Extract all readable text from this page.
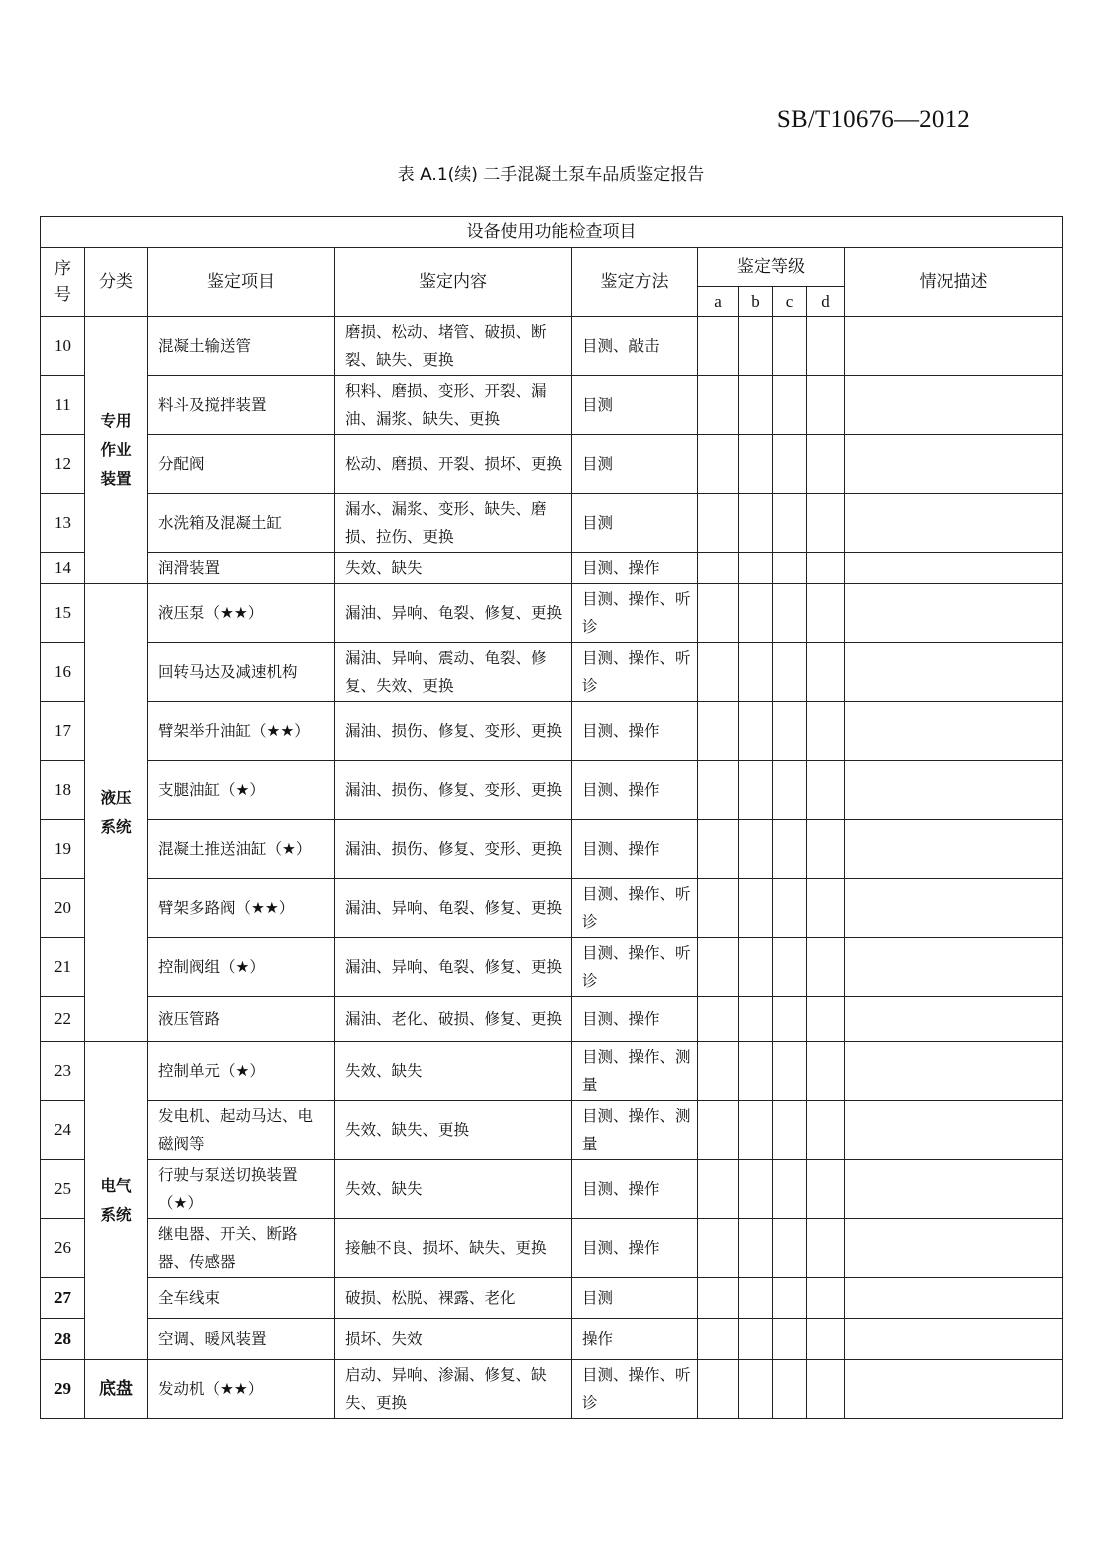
SB/T10676—2012
表 A.1(续) 二手混凝土泵车品质鉴定报告
设备使用功能检查项目									
序号	分类	鉴定项目	鉴定内容	鉴定方法	鉴定等级				情况描述
					a	b	c	d	
10	专用作业装置	混凝土输送管	磨损、松动、堵管、破损、断裂、缺失、更换	目测、敲击					
11		料斗及搅拌装置	积料、磨损、变形、开裂、漏油、漏浆、缺失、更换	目测					
12		分配阀	松动、磨损、开裂、损坏、更换	目测					
13		水洗箱及混凝土缸	漏水、漏浆、变形、缺失、磨损、拉伤、更换	目测					
14		润滑装置	失效、缺失	目测、操作					
15	液压系统	液压泵（★★）	漏油、异响、龟裂、修复、更换	目测、操作、听诊					
16		回转马达及减速机构	漏油、异响、震动、龟裂、修复、失效、更换	目测、操作、听诊					
17		臂架举升油缸（★★）	漏油、损伤、修复、变形、更换	目测、操作					
18		支腿油缸（★）	漏油、损伤、修复、变形、更换	目测、操作					
19		混凝土推送油缸（★）	漏油、损伤、修复、变形、更换	目测、操作					
20		臂架多路阀（★★）	漏油、异响、龟裂、修复、更换	目测、操作、听诊					
21		控制阀组（★）	漏油、异响、龟裂、修复、更换	目测、操作、听诊					
22		液压管路	漏油、老化、破损、修复、更换	目测、操作					
23	电气系统	控制单元（★）	失效、缺失	目测、操作、测量					
24		发电机、起动马达、电磁阀等	失效、缺失、更换	目测、操作、测量					
25		行驶与泵送切换装置（★）	失效、缺失	目测、操作					
26		继电器、开关、断路器、传感器	接触不良、损坏、缺失、更换	目测、操作					
27		全车线束	破损、松脱、裸露、老化	目测					
28		空调、暖风装置	损坏、失效	操作					
29	底盘	发动机（★★）	启动、异响、渗漏、修复、缺失、更换	目测、操作、听诊					
